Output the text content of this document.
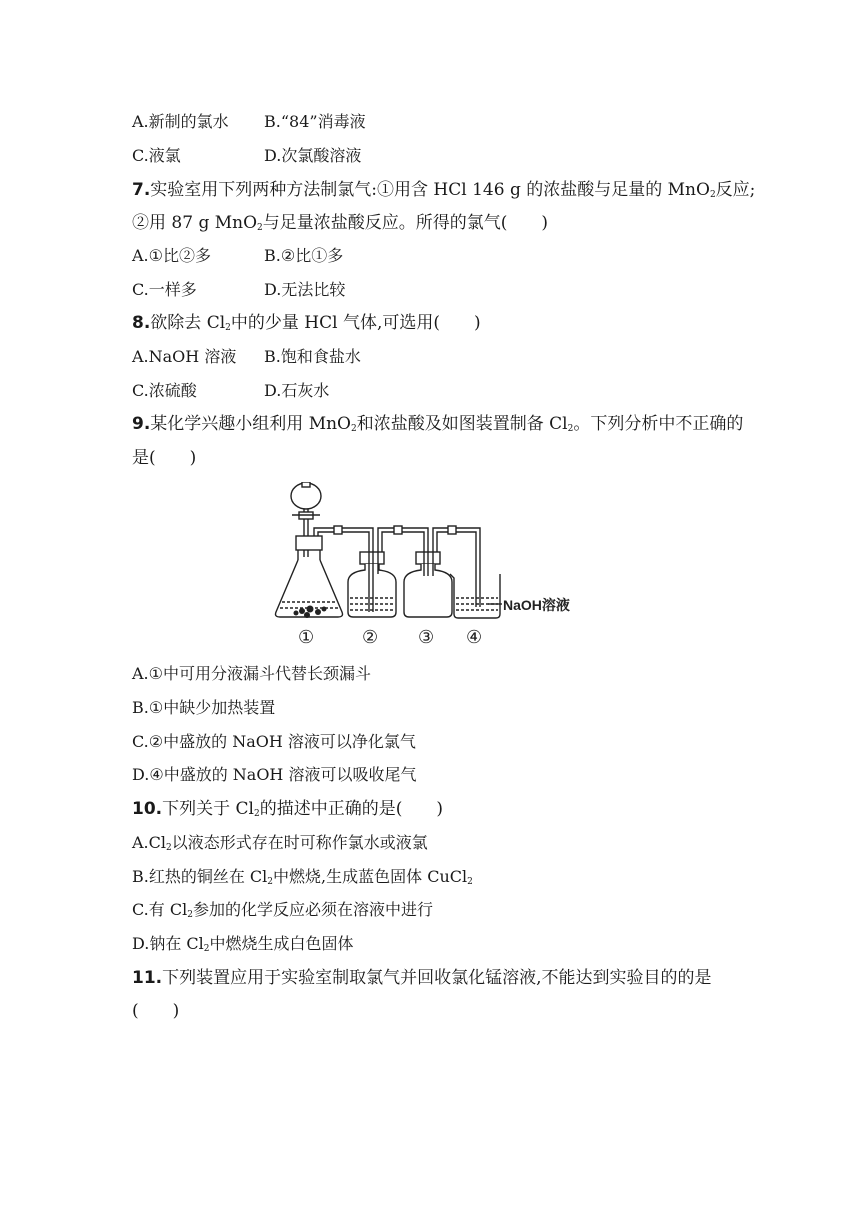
A.新制的氯水 B.“84”消毒液
C.液氯	D.次氯酸溶液
7.实验室用下列两种方法制氯气:①用含 HCl 146 g 的浓盐酸与足量的 MnO$_2$反应;
②用 87 g MnO$_2$与足量浓盐酸反应。所得的氯气(　　)
A.①比②多	B.②比①多
C.一样多	D.无法比较
8.欲除去 $Cl_2$中的少量 HCl 气体,可选用(　　)
A.NaOH 溶液 B.饱和食盐水
C.浓硫酸	D.石灰水
9.某化学兴趣小组利用 MnO$_2$和浓盐酸及如图装置制备 $Cl_2$。下列分析中不正确的
是(　　)
NaOH溶液
①	② ③ ④
A.①中可用分液漏斗代替长颈漏斗
B.①中缺少加热装置
C.②中盛放的 NaOH 溶液可以净化氯气
D.④中盛放的 NaOH 溶液可以吸收尾气
10.下列关于 $Cl_2$的描述中正确的是(　　)
$A.Cl_2$以液态形式存在时可称作氯水或液氯
B.红热的铜丝在 $Cl_2$中燃烧,生成蓝色固体 CuCl$_2$
C.有 $Cl_2$参加的化学反应必须在溶液中进行
D.钠在 $Cl_2$中燃烧生成白色固体
11.下列装置应用于实验室制取氯气并回收氯化锰溶液,不能达到实验目的的是
(　　)
